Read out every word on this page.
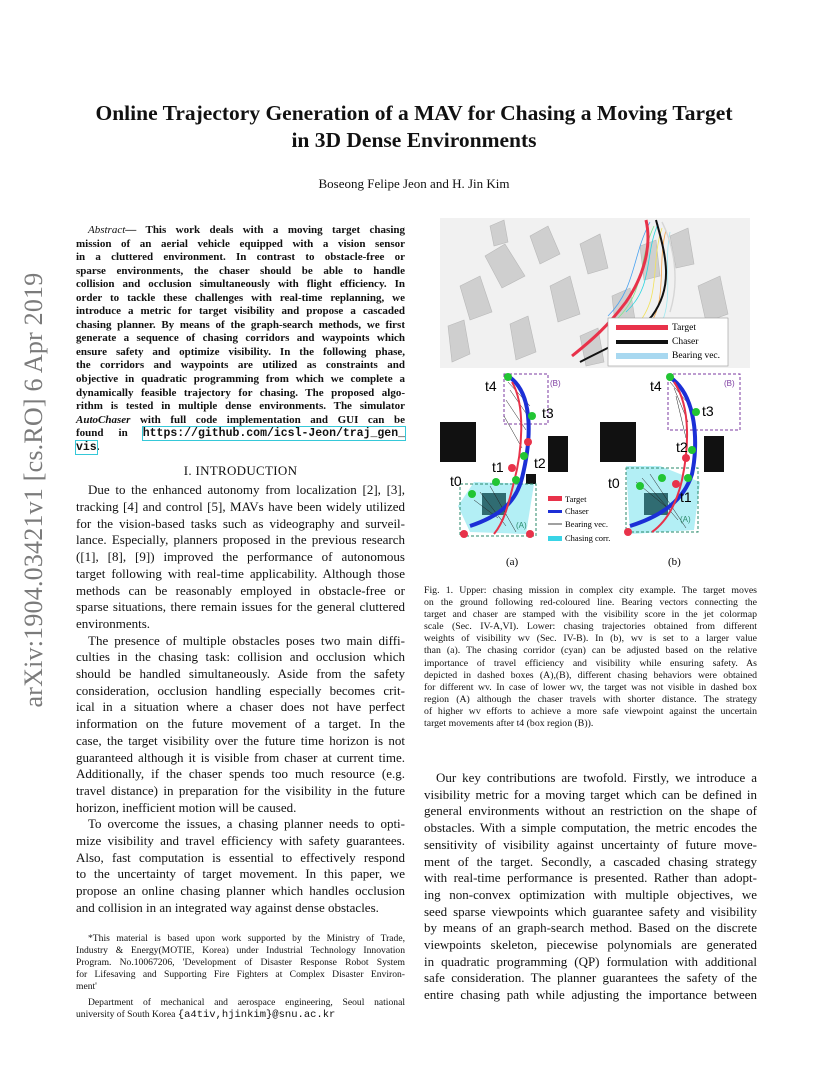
arXiv:1904.03421v1 [cs.RO] 6 Apr 2019
Online Trajectory Generation of a MAV for Chasing a Moving Target
in 3D Dense Environments
Boseong Felipe Jeon and H. Jin Kim
Abstract— This work deals with a moving target chasing
mission of an aerial vehicle equipped with a vision sensor
in a cluttered environment. In contrast to obstacle-free or
sparse environments, the chaser should be able to handle
collision and occlusion simultaneously with flight efficiency. In
order to tackle these challenges with real-time replanning, we
introduce a metric for target visibility and propose a cascaded
chasing planner. By means of the graph-search methods, we first
generate a sequence of chasing corridors and waypoints which
ensure safety and optimize visibility. In the following phase,
the corridors and waypoints are utilized as constraints and
objective in quadratic programming from which we complete a
dynamically feasible trajectory for chasing. The proposed algo-
rithm is tested in multiple dense environments. The simulator
AutoChaser with full code implementation and GUI can be
found in https://github.com/icsl-Jeon/traj_gen_
vis.
I. INTRODUCTION
Due to the enhanced autonomy from localization [2], [3],
tracking [4] and control [5], MAVs have been widely utilized
for the vision-based tasks such as videography and surveil-
lance. Especially, planners proposed in the previous research
([1], [8], [9]) improved the performance of autonomous
target following with real-time applicability. Although those
methods can be reasonably employed in obstacle-free or
sparse situations, there remain issues for the general cluttered
environments.
The presence of multiple obstacles poses two main diffi-
culties in the chasing task: collision and occlusion which
should be handled simultaneously. Aside from the safety
consideration, occlusion handling especially becomes crit-
ical in a situation where a chaser does not have perfect
information on the future movement of a target. In the
case, the target visibility over the future time horizon is not
guaranteed although it is visible from chaser at current time.
Additionally, if the chaser spends too much resource (e.g.
travel distance) in preparation for the visibility in the future
horizon, inefficient motion will be caused.
To overcome the issues, a chasing planner needs to opti-
mize visibility and travel efficiency with safety guarantees.
Also, fast computation is essential to effectively respond
to the uncertainty of target movement. In this paper, we
propose an online chasing planner which handles occlusion
and collision in an integrated way against dense obstacles.
*This material is based upon work supported by the Ministry of Trade,
Industry & Energy(MOTIE, Korea) under Industrial Technology Innovation
Program. No.10067206, 'Development of Disaster Response Robot System
for Lifesaving and Supporting Fire Fighters at Complex Disaster Environ-
ment'
Department of mechanical and aerospace engineering, Seoul national
university of South Korea {a4tiv,hjinkim}@snu.ac.kr
Target
Chaser
Bearing vec.
t4
t3
t2
t1
t0
(B)
(A)
Target
Chaser
Bearing vec.
Chasing corr.
(a)
t4
t3
t2
t1
t0
(B)
(A)
(b)
Fig. 1. Upper: chasing mission in complex city example. The target moves
on the ground following red-coloured line. Bearing vectors connecting the
target and chaser are stamped with the visibility score in the jet colormap
scale (Sec. IV-A,VI). Lower: chasing trajectories obtained from different
weights of visibility wv (Sec. IV-B). In (b), wv is set to a larger value
than (a). The chasing corridor (cyan) can be adjusted based on the relative
importance of travel efficiency and visibility while ensuring safety. As
depicted in dashed boxes (A),(B), different chasing behaviors were obtained
for different wv. In case of lower wv, the target was not visible in dashed box
region (A) although the chaser travels with shorter distance. The strategy
of higher wv efforts to achieve a more safe viewpoint against the uncertain
target movements after t4 (box region (B)).
Our key contributions are twofold. Firstly, we introduce a
visibility metric for a moving target which can be defined in
general environments without an restriction on the shape of
obstacles. With a simple computation, the metric encodes the
sensitivity of visibility against uncertainty of future move-
ment of the target. Secondly, a cascaded chasing strategy
with real-time performance is presented. Rather than adopt-
ing non-convex optimization with multiple objectives, we
seed sparse viewpoints which guarantee safety and visibility
by means of an graph-search method. Based on the discrete
viewpoints skeleton, piecewise polynomials are generated
in quadratic programming (QP) formulation with additional
safe consideration. The planner guarantees the safety of the
entire chasing path while adjusting the importance between
